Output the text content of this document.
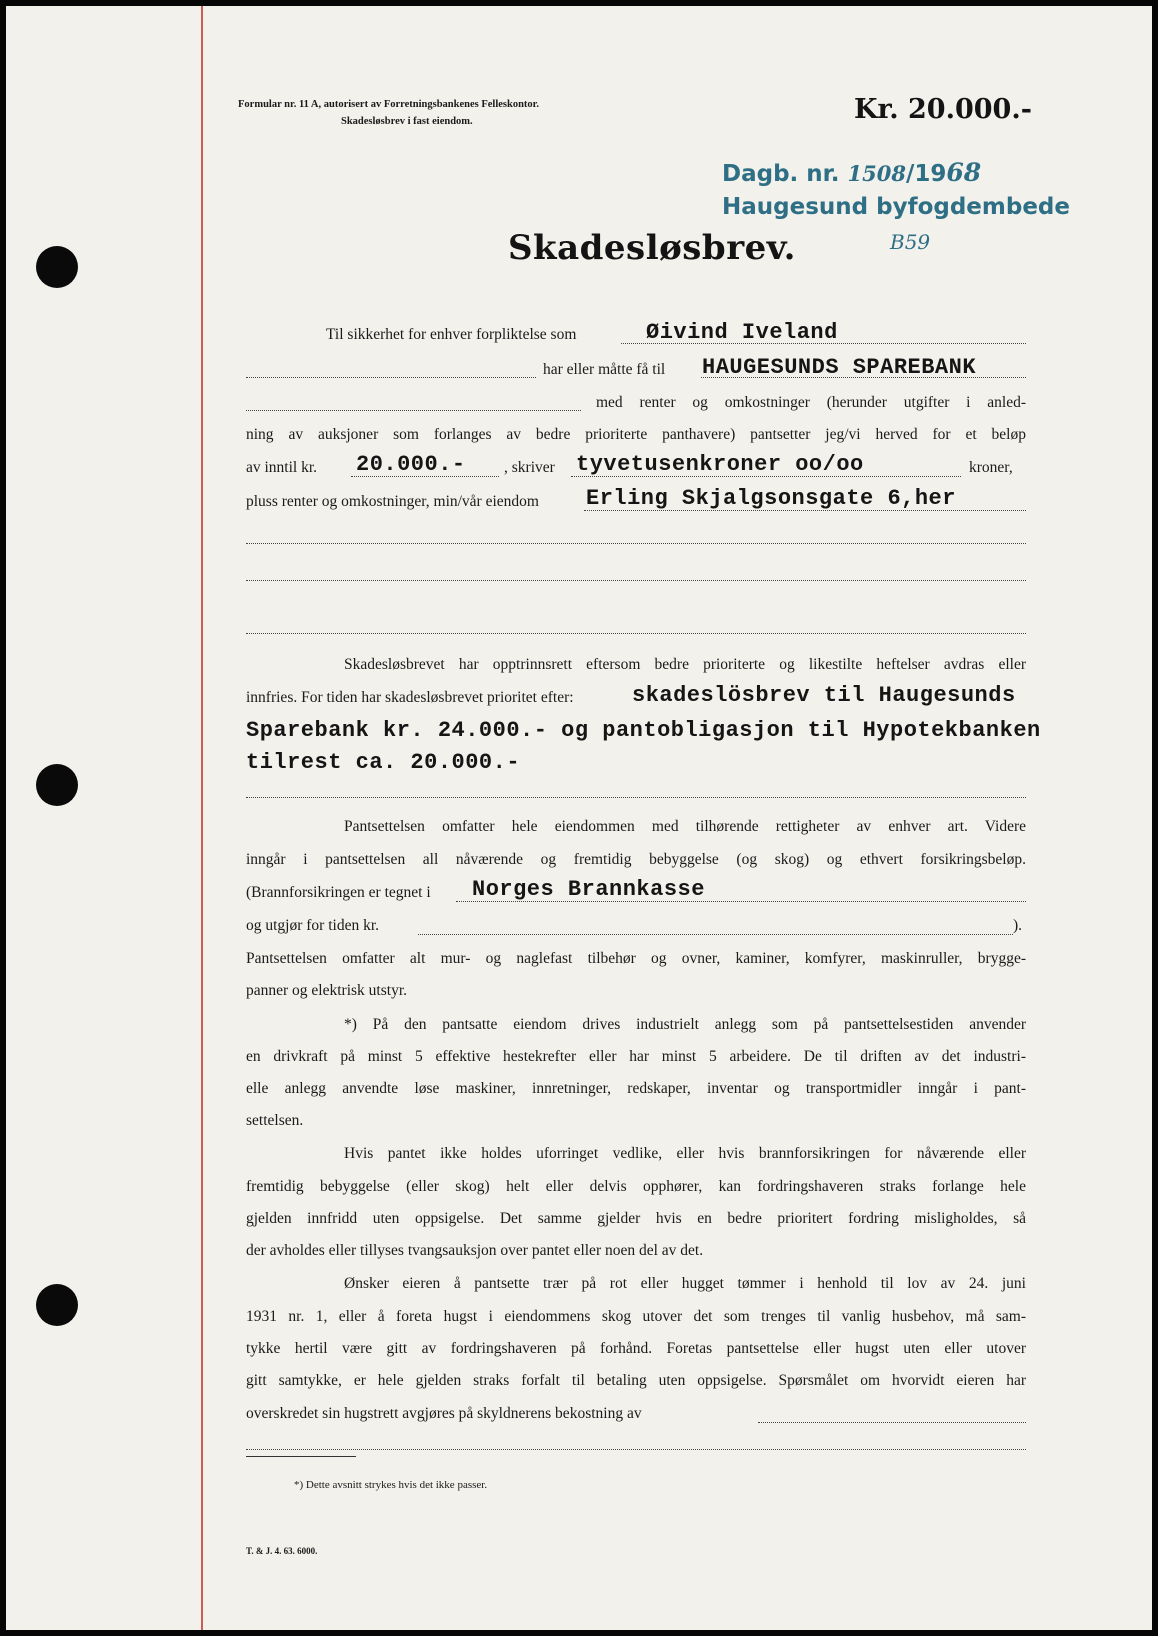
Formular nr. 11 A, autorisert av Forretningsbankenes Felleskontor.
Skadesløsbrev i fast eiendom.	Kr. 20.000.-
Dagb. nr. 1508/1968
Haugesund byfogdembede
B59
Skadesløsbrev.
Til sikkerhet for enhver forpliktelse som	Øivind Iveland
har eller måtte få til HAUGESUNDS SPAREBANK
med renter og omkostninger (herunder utgifter i anled-
ning av auksjoner som forlanges av bedre prioriterte panthavere) pantsetter jeg/vi herved for et beløp
av inntil kr. 20.000.- , skriver tyvetusenkroner oo/oo	kroner,
pluss renter og omkostninger, min/vår eiendom Erling Skjalgsonsgate 6,her
Skadesløsbrevet har opptrinnsrett eftersom bedre prioriterte og likestilte heftelser avdras eller
innfries. For tiden har skadesløsbrevet prioritet efter:	skadeslösbrev til Haugesunds
Sparebank kr. 24.000.- og pantobligasjon til Hypotekbanken
tilrest ca. 20.000.-
Pantsettelsen omfatter hele eiendommen med tilhørende rettigheter av enhver art. Videre
inngår i pantsettelsen all nåværende og fremtidig bebyggelse (og skog) og ethvert forsikringsbeløp.
(Brannforsikringen er tegnet i Norges Brannkasse
og utgjør for tiden kr.	).
Pantsettelsen omfatter alt mur- og naglefast tilbehør og ovner, kaminer, komfyrer, maskinruller, brygge-
panner og elektrisk utstyr.
*) På den pantsatte eiendom drives industrielt anlegg som på pantsettelsestiden anvender
en drivkraft på minst 5 effektive hestekrefter eller har minst 5 arbeidere. De til driften av det industri-
elle anlegg anvendte løse maskiner, innretninger, redskaper, inventar og transportmidler inngår i pant-
settelsen.
Hvis pantet ikke holdes uforringet vedlike, eller hvis brannforsikringen for nåværende eller
fremtidig bebyggelse (eller skog) helt eller delvis opphører, kan fordringshaveren straks forlange hele
gjelden innfridd uten oppsigelse. Det samme gjelder hvis en bedre prioritert fordring misligholdes, så
der avholdes eller tillyses tvangsauksjon over pantet eller noen del av det.
Ønsker eieren å pantsette trær på rot eller hugget tømmer i henhold til lov av 24. juni
1931 nr. 1, eller å foreta hugst i eiendommens skog utover det som trenges til vanlig husbehov, må sam-
tykke hertil være gitt av fordringshaveren på forhånd. Foretas pantsettelse eller hugst uten eller utover
gitt samtykke, er hele gjelden straks forfalt til betaling uten oppsigelse. Spørsmålet om hvorvidt eieren har
overskredet sin hugstrett avgjøres på skyldnerens bekostning av
*) Dette avsnitt strykes hvis det ikke passer.
T. & J. 4. 63. 6000.
